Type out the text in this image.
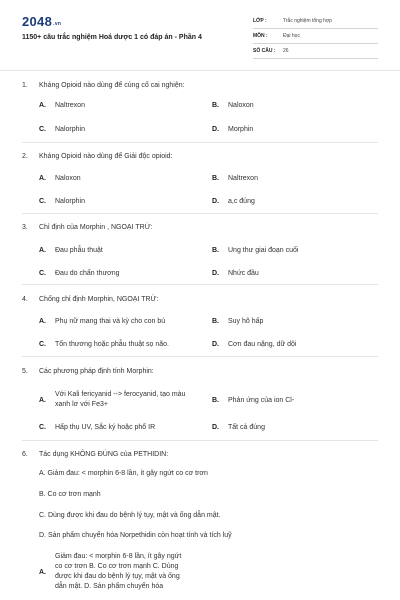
$2048^{.vn}$
1150+ câu trắc nghiệm Hoá dược 1 có đáp án - Phần 4
LỚP :	Trắc nghiệm tổng hợp
MÔN :	Đại học
SỐ CÂU :	26
1. Kháng Opioid nào dùng để củng cố cai nghiện:
A.	Naltrexon	B.	Naloxon
C.	Nalorphin	D.	Morphin
2. Kháng Opioid nào dùng để Giải độc opioid:
A.	Naloxon	B.	Naltrexon
C.	Nalorphin	D.	a,c đúng
3. Chỉ định của Morphin , NGOẠI TRỪ:
A.	Đau phẫu thuật	B.	Ung thư giai đoạn cuối
C.	Đau do chấn thương	D.	Nhức đầu
4. Chống chỉ định Morphin, NGOẠI TRỪ:
A.	Phụ nữ mang thai và kỳ cho con bú	B.	Suy hô hấp
C.	Tổn thương hoặc phẫu thuật sọ não.	D.	Cơn đau nặng, dữ dội
5. Các phương pháp định tính Morphin:
A.
Với Kali fericyanid --> ferocyanid, tạo màu
xanh lơ với Fe3+
B.	Phản ứng của ion Cl-
C.	Hấp thụ UV, Sắc ký hoặc phổ IR	D.	Tất cả đúng
6. Tác dụng KHÔNG ĐÚNG của PETHIDIN:
A. Giảm đau: < morphin 6-8 lần, ít gây ngứt co cơ trơn
B. Co cơ trơn mạnh
C. Dùng được khi đau do bệnh lý tụy, mật và ống dẫn mật.
D. Sản phẩm chuyển hóa Norpethidin còn hoạt tính và tích luỹ
A.
Giảm đau: < morphin 6-8 lần, ít gây ngứt
co cơ trơn B. Co cơ trơn mạnh C. Dùng
được khi đau do bệnh lý tụy, mật và ống
dẫn mật. D. Sản phẩm chuyển hóa
